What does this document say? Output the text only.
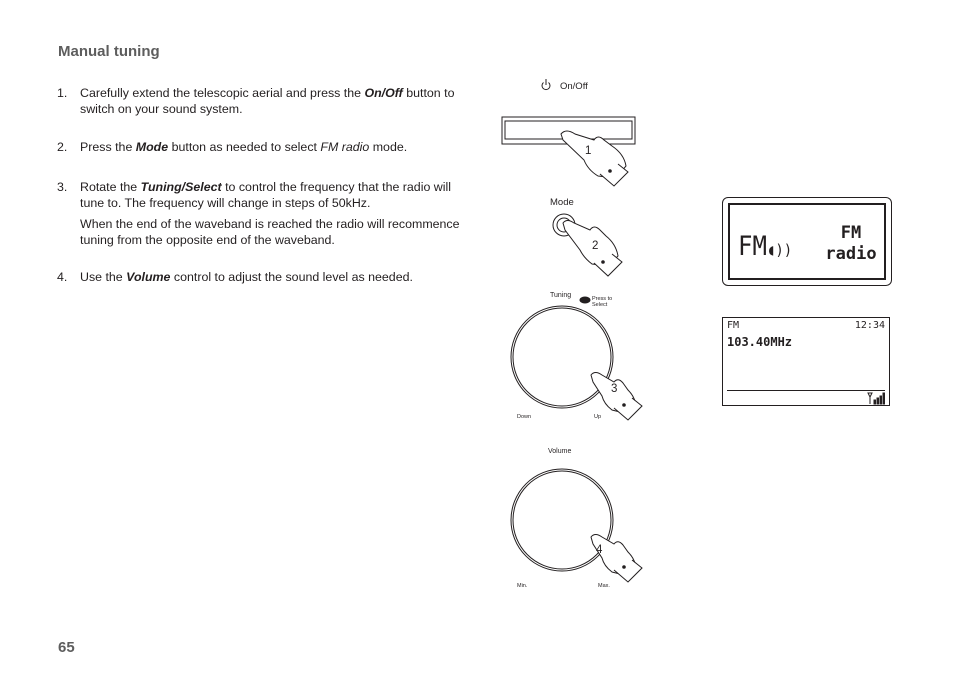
Manual tuning
1.	Carefully extend the telescopic aerial and press the On/Off button to switch on your sound system.
2.	Press the Mode button as needed to select FM radio mode.
3.	Rotate the Tuning/Select to control the frequency that the radio will tune to. The frequency will change in steps of 50kHz.
When the end of the waveband is reached the radio will recommence tuning from the opposite end of the waveband.
4.	Use the Volume control to adjust the sound level as needed.
65
On/Off
1
Mode
2
Tuning	Press to
Select
3
Down	Up
Volume
4
Min.	Max.
FM◖))
FM
radio
FM	12:34
103.40MHz
